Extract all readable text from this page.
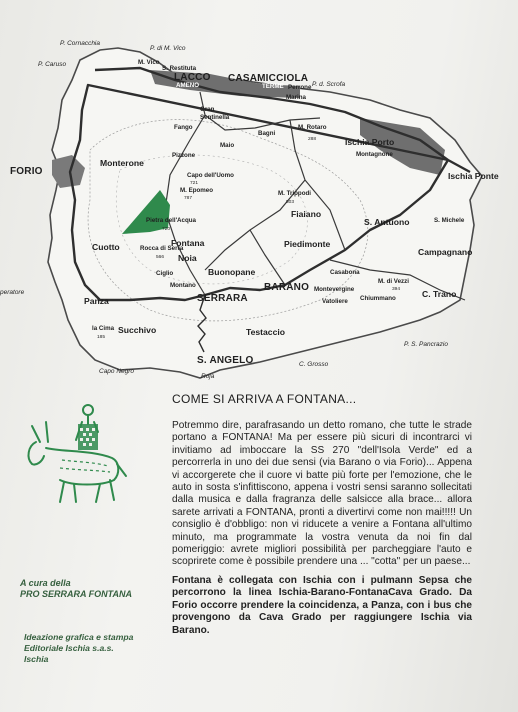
P. Cornacchia
P. di M. Vico
P. Caruso	M. Vico
S. Restituta
LACCO
AMENO
CASAMICCIOLA
TERME Perrone P. d. Scrofa
Marina
Gran
Sentinella
Fango
Bagni
Maio
M. Rotaro
288	Ischia Porto
Montagnone
FORIO
Monterone
Pizzone
Capo dell'Uomo
721
M. Epomeo
787
M. Trippodi
503
Ischia Ponte
Fiaiano
S. Antuono	S. Michele
Pietra dell'Acqua
720
Cuotto	Fontana
Rocca di Serra
566 Noia
Piedimonte
Campagnano
Ciglio	Buonopane
BARANO
Casabona
M. di Vezzi
394
peratore
Montano
SERRARA
Montevergine
Chiummano	C. Trano
Panza	Vatoliere
la Cima
185
Succhivo	Testaccio
P. S. Pancrazio
S. ANGELO
Capo Negro
C. Grosso
Roja
A cura della
PRO SERRARA FONTANA
Ideazione grafica e stampa
Editoriale Ischia s.a.s.
Ischia
COME SI ARRIVA A FONTANA...

Potremmo dire, parafrasando un detto romano, che tutte le strade portano a FONTANA! Ma per essere più sicuri di incontrarci vi invitiamo ad imboccare la SS 270 "dell'Isola Verde" ed a percorrerla in uno dei due sensi (via Barano o via Forio)... Appena vi accorgerete che il cuore vi batte più forte per l'emozione, che le auto in sosta s'infittiscono, appena i vostri sensi saranno sollecitati dalla musica e dalla fragranza delle salsicce alla brace... allora sarete arrivati a FONTANA, pronti a divertirvi come non mai!!!!! Un consiglio è d'obbligo: non vi riducete a venire a Fontana all'ultimo minuto, ma programmate la vostra venuta da noi fin dal pomeriggio: avrete migliori possibilità per parcheggiare l'auto e scoprirete come è possibile prendere una ... "cotta" per un paese...

Fontana è collegata con Ischia con i pulmann Sepsa che percorrono la linea Ischia-Barano-FontanaCava Grado. Da Forio occorre prendere la coincidenza, a Panza, con i bus che provengono da Cava Grado per raggiungere Ischia via Barano.
